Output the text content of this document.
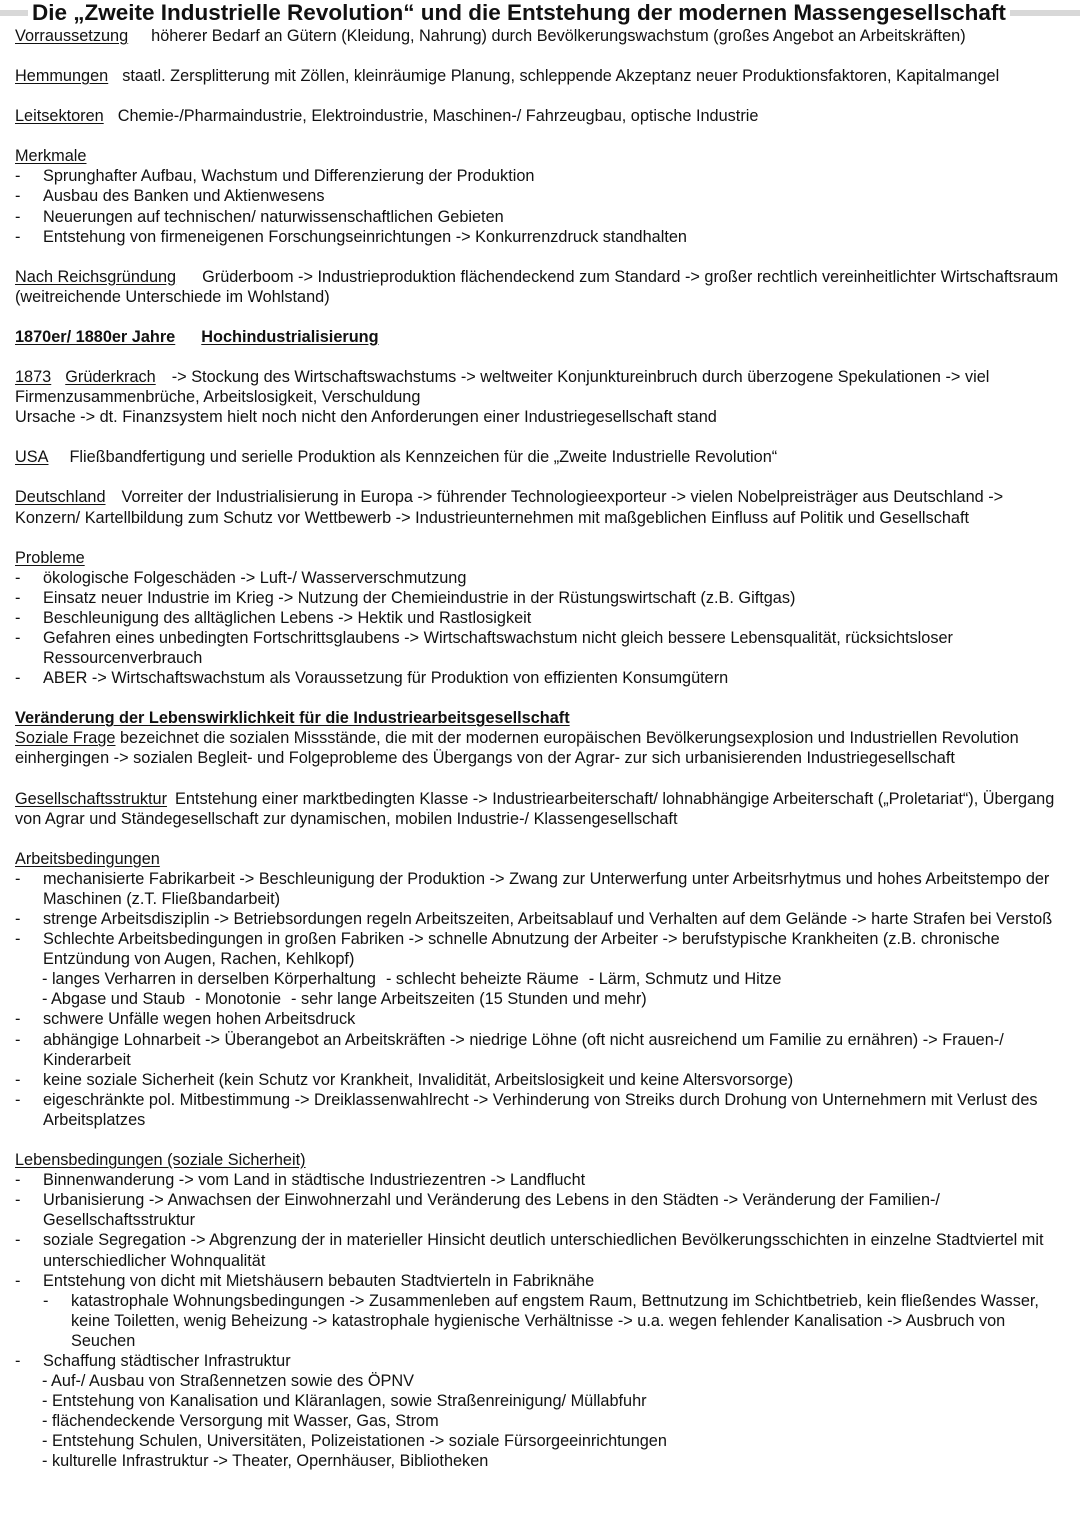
Die „Zweite Industrielle Revolution“ und die Entstehung der modernen Massengesellschaft

Vorraussetzung höherer Bedarf an Gütern (Kleidung, Nahrung) durch Bevölkerungswachstum (großes Angebot an Arbeitskräften)

Hemmungen staatl. Zersplitterung mit Zöllen, kleinräumige Planung, schleppende Akzeptanz neuer Produktionsfaktoren, Kapitalmangel

Leitsektoren Chemie-/Pharmaindustrie, Elektroindustrie, Maschinen-/ Fahrzeugbau, optische Industrie

Merkmale

- Sprunghafter Aufbau, Wachstum und Differenzierung der Produktion
- Ausbau des Banken und Aktienwesens
- Neuerungen auf technischen/ naturwissenschaftlichen Gebieten
- Entstehung von firmeneigenen Forschungseinrichtungen -> Konkurrenzdruck standhalten

Nach Reichsgründung Grüderboom -> Industrieproduktion flächendeckend zum Standard -> großer rechtlich vereinheitlichter Wirtschaftsraum (weitreichende Unterschiede im Wohlstand)

1870er/ 1880er Jahre Hochindustrialisierung

1873 Grüderkrach -> Stockung des Wirtschaftswachstums -> weltweiter Konjunktureinbruch durch überzogene Spekulationen -> viel Firmenzusammenbrüche, Arbeitslosigkeit, Verschuldung

Ursache -> dt. Finanzsystem hielt noch nicht den Anforderungen einer Industriegesellschaft stand

USA Fließbandfertigung und serielle Produktion als Kennzeichen für die „Zweite Industrielle Revolution“

Deutschland Vorreiter der Industrialisierung in Europa -> führender Technologieexporteur -> vielen Nobelpreisträger aus Deutschland -> Konzern/ Kartellbildung zum Schutz vor Wettbewerb -> Industrieunternehmen mit maßgeblichen Einfluss auf Politik und Gesellschaft

Probleme

- ökologische Folgeschäden -> Luft-/ Wasserverschmutzung
- Einsatz neuer Industrie im Krieg -> Nutzung der Chemieindustrie in der Rüstungswirtschaft (z.B. Giftgas)
- Beschleunigung des alltäglichen Lebens -> Hektik und Rastlosigkeit
- Gefahren eines unbedingten Fortschrittsglaubens -> Wirtschaftswachstum nicht gleich bessere Lebensqualität, rücksichtsloser Ressourcenverbrauch
- ABER -> Wirtschaftswachstum als Voraussetzung für Produktion von effizienten Konsumgütern

Veränderung der Lebenswirklichkeit für die Industriearbeitsgesellschaft

Soziale Frage bezeichnet die sozialen Missstände, die mit der modernen europäischen Bevölkerungsexplosion und Industriellen Revolution einhergingen -> sozialen Begleit- und Folgeprobleme des Übergangs von der Agrar- zur sich urbanisierenden Industriegesellschaft

Gesellschaftsstruktur Entstehung einer marktbedingten Klasse -> Industriearbeiterschaft/ lohnabhängige Arbeiterschaft („Proletariat“), Übergang von Agrar und Ständegesellschaft zur dynamischen, mobilen Industrie-/ Klassengesellschaft

Arbeitsbedingungen

- mechanisierte Fabrikarbeit -> Beschleunigung der Produktion -> Zwang zur Unterwerfung unter Arbeitsrhytmus und hohes Arbeitstempo der Maschinen (z.T. Fließbandarbeit)
- strenge Arbeitsdisziplin -> Betriebsordungen regeln Arbeitszeiten, Arbeitsablauf und Verhalten auf dem Gelände -> harte Strafen bei Verstoß
- Schlechte Arbeitsbedingungen in großen Fabriken -> schnelle Abnutzung der Arbeiter -> berufstypische Krankheiten (z.B. chronische Entzündung von Augen, Rachen, Kehlkopf)
- langes Verharren in derselben Körperhaltung - schlecht beheizte Räume - Lärm, Schmutz und Hitze
- Abgase und Staub - Monotonie - sehr lange Arbeitszeiten (15 Stunden und mehr)
- schwere Unfälle wegen hohen Arbeitsdruck
- abhängige Lohnarbeit -> Überangebot an Arbeitskräften -> niedrige Löhne (oft nicht ausreichend um Familie zu ernähren) -> Frauen-/ Kinderarbeit
- keine soziale Sicherheit (kein Schutz vor Krankheit, Invalidität, Arbeitslosigkeit und keine Altersvorsorge)
- eigeschränkte pol. Mitbestimmung -> Dreiklassenwahlrecht -> Verhinderung von Streiks durch Drohung von Unternehmern mit Verlust des Arbeitsplatzes

Lebensbedingungen (soziale Sicherheit)

- Binnenwanderung -> vom Land in städtische Industriezentren -> Landflucht
- Urbanisierung -> Anwachsen der Einwohnerzahl und Veränderung des Lebens in den Städten -> Veränderung der Familien-/ Gesellschaftsstruktur
- soziale Segregation -> Abgrenzung der in materieller Hinsicht deutlich unterschiedlichen Bevölkerungsschichten in einzelne Stadtviertel mit unterschiedlicher Wohnqualität
- Entstehung von dicht mit Mietshäusern bebauten Stadtvierteln in Fabriknähe
- katastrophale Wohnungsbedingungen -> Zusammenleben auf engstem Raum, Bettnutzung im Schichtbetrieb, kein fließendes Wasser, keine Toiletten, wenig Beheizung -> katastrophale hygienische Verhältnisse -> u.a. wegen fehlender Kanalisation -> Ausbruch von Seuchen
- Schaffung städtischer Infrastruktur
- Auf-/ Ausbau von Straßennetzen sowie des ÖPNV
- Entstehung von Kanalisation und Kläranlagen, sowie Straßenreinigung/ Müllabfuhr
- flächendeckende Versorgung mit Wasser, Gas, Strom
- Entstehung Schulen, Universitäten, Polizeistationen -> soziale Fürsorgeeinrichtungen
- kulturelle Infrastruktur -> Theater, Opernhäuser, Bibliotheken
